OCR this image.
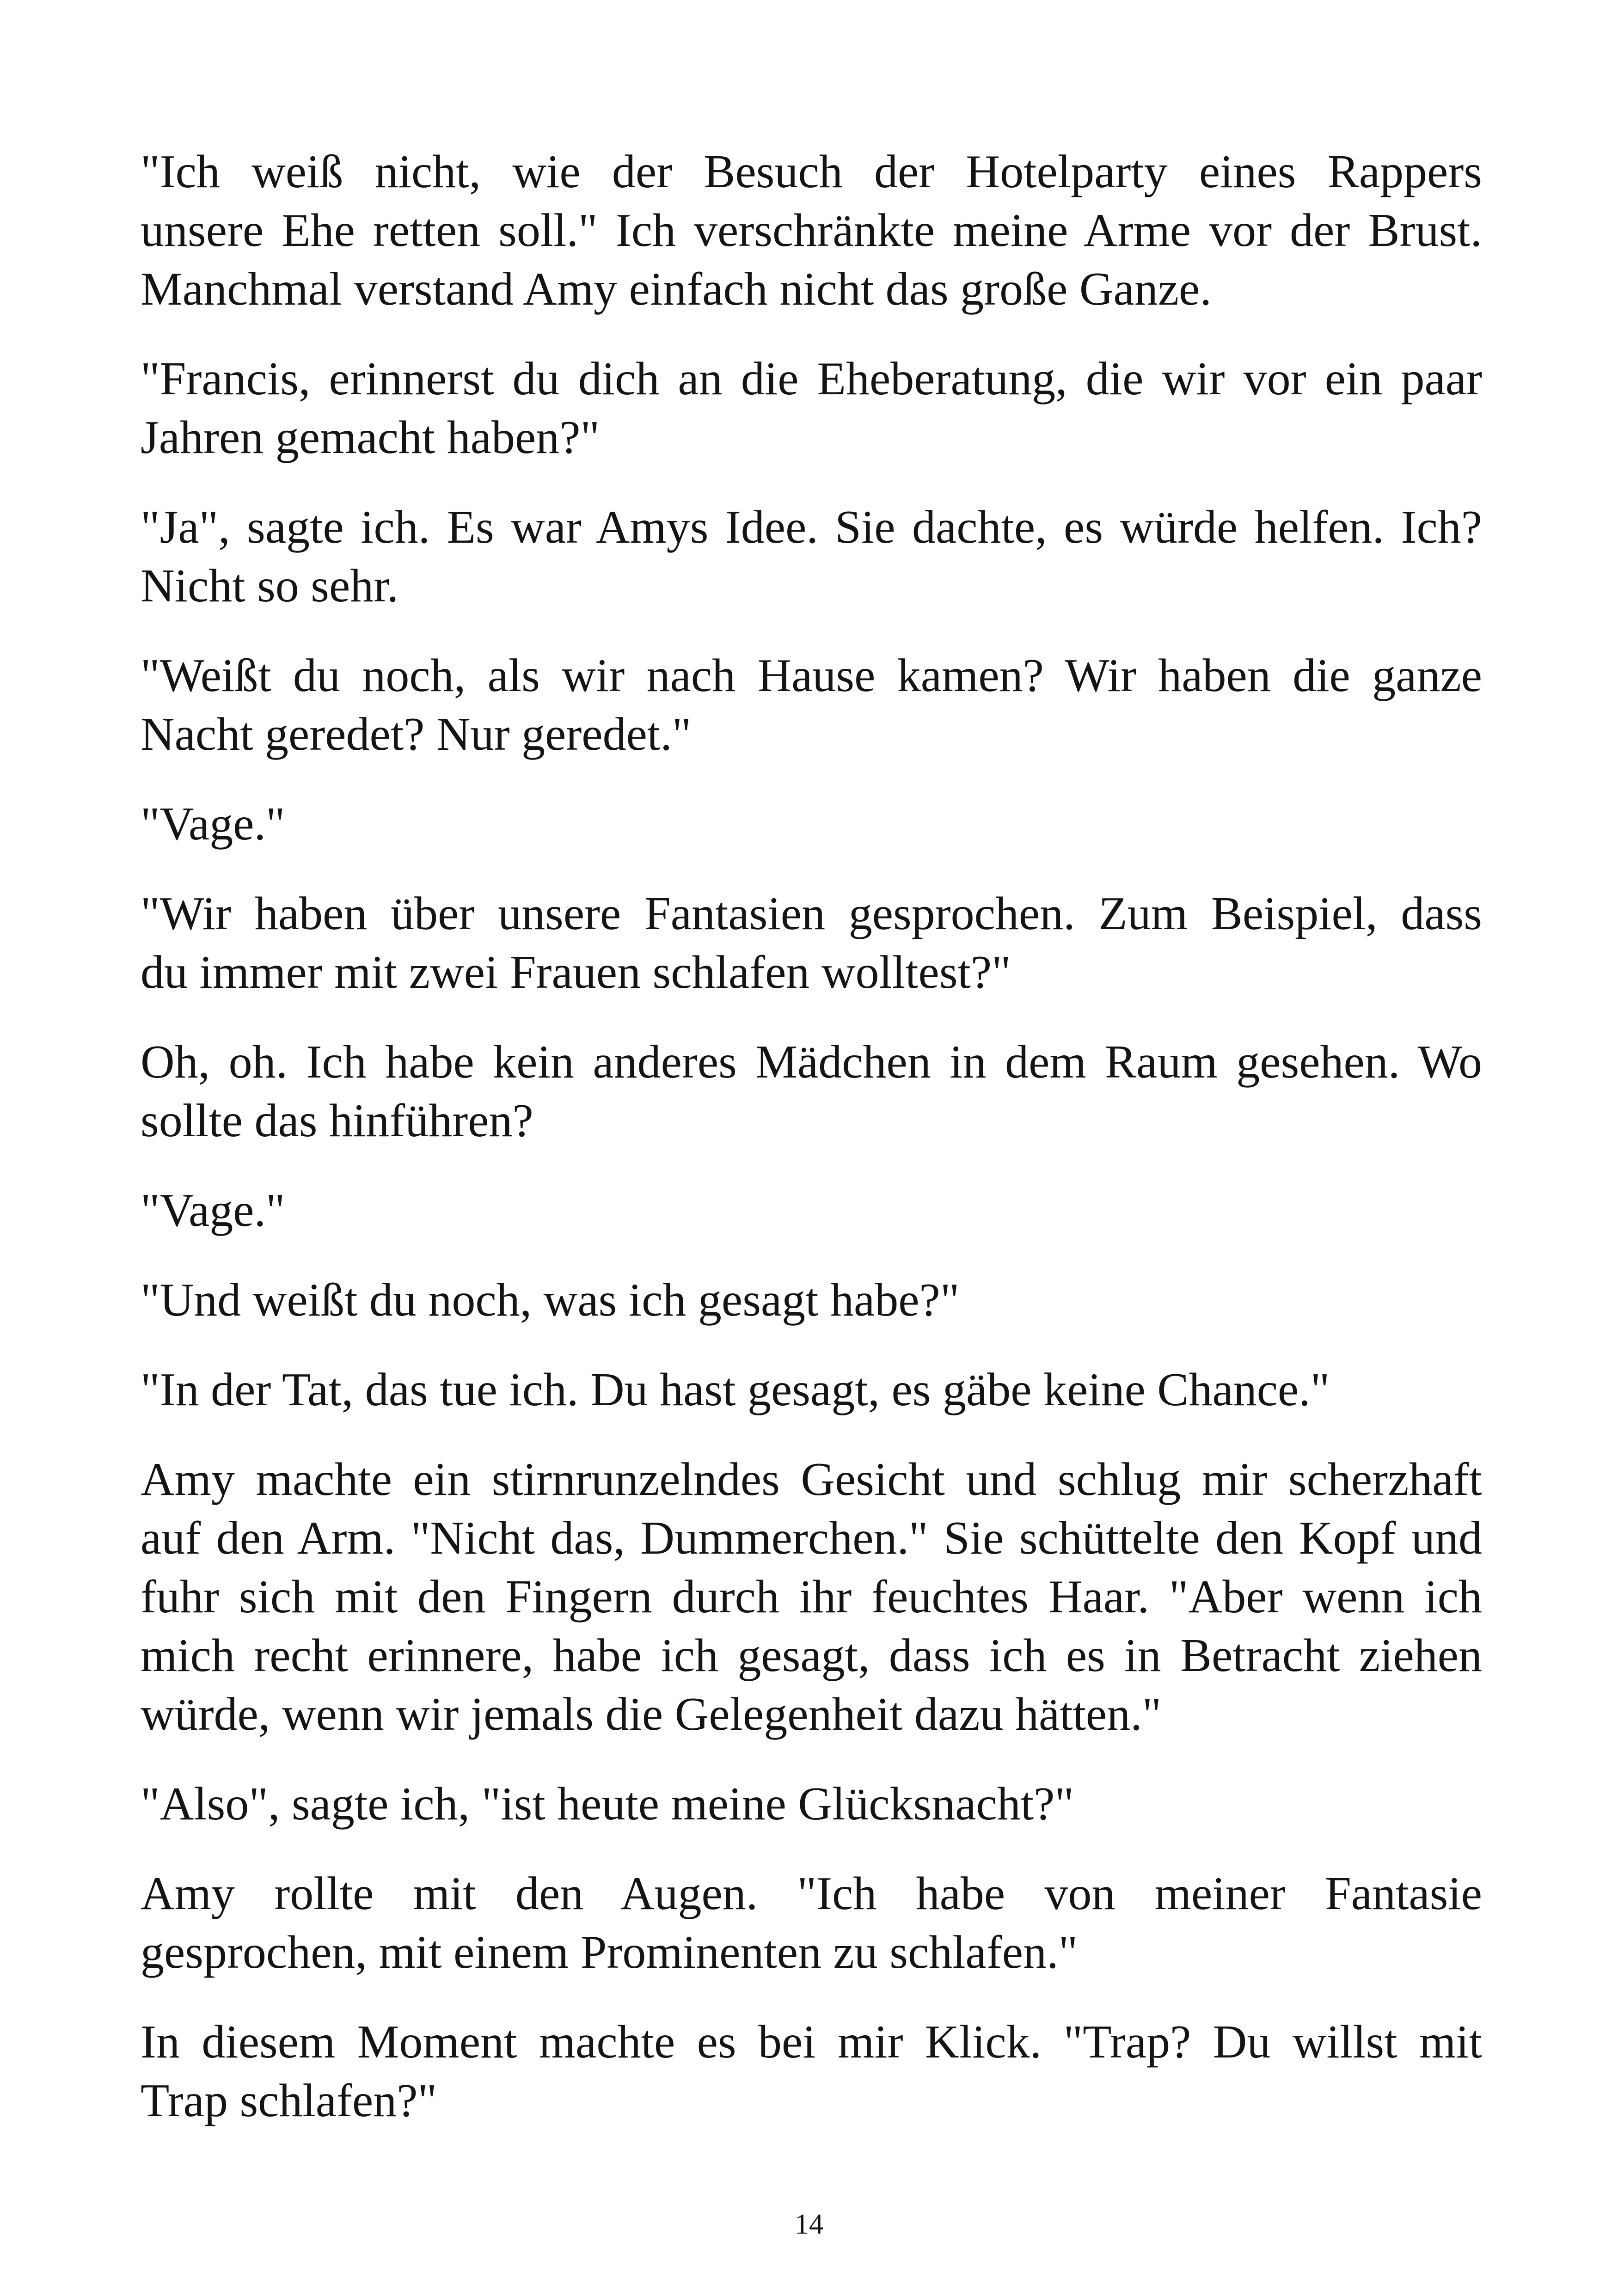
"Ich weiß nicht, wie der Besuch der Hotelparty eines Rappers
unsere Ehe retten soll." Ich verschränkte meine Arme vor der Brust.
Manchmal verstand Amy einfach nicht das große Ganze.
"Francis, erinnerst du dich an die Eheberatung, die wir vor ein paar
Jahren gemacht haben?"
"Ja", sagte ich. Es war Amys Idee. Sie dachte, es würde helfen. Ich?
Nicht so sehr.
"Weißt du noch, als wir nach Hause kamen? Wir haben die ganze
Nacht geredet? Nur geredet."
"Vage."
"Wir haben über unsere Fantasien gesprochen. Zum Beispiel, dass
du immer mit zwei Frauen schlafen wolltest?"
Oh, oh. Ich habe kein anderes Mädchen in dem Raum gesehen. Wo
sollte das hinführen?
"Vage."
"Und weißt du noch, was ich gesagt habe?"
"In der Tat, das tue ich. Du hast gesagt, es gäbe keine Chance."
Amy machte ein stirnrunzelndes Gesicht und schlug mir scherzhaft
auf den Arm. "Nicht das, Dummerchen." Sie schüttelte den Kopf und
fuhr sich mit den Fingern durch ihr feuchtes Haar. "Aber wenn ich
mich recht erinnere, habe ich gesagt, dass ich es in Betracht ziehen
würde, wenn wir jemals die Gelegenheit dazu hätten."
"Also", sagte ich, "ist heute meine Glücksnacht?"
Amy rollte mit den Augen. "Ich habe von meiner Fantasie
gesprochen, mit einem Prominenten zu schlafen."
In diesem Moment machte es bei mir Klick. "Trap? Du willst mit
Trap schlafen?"
14
